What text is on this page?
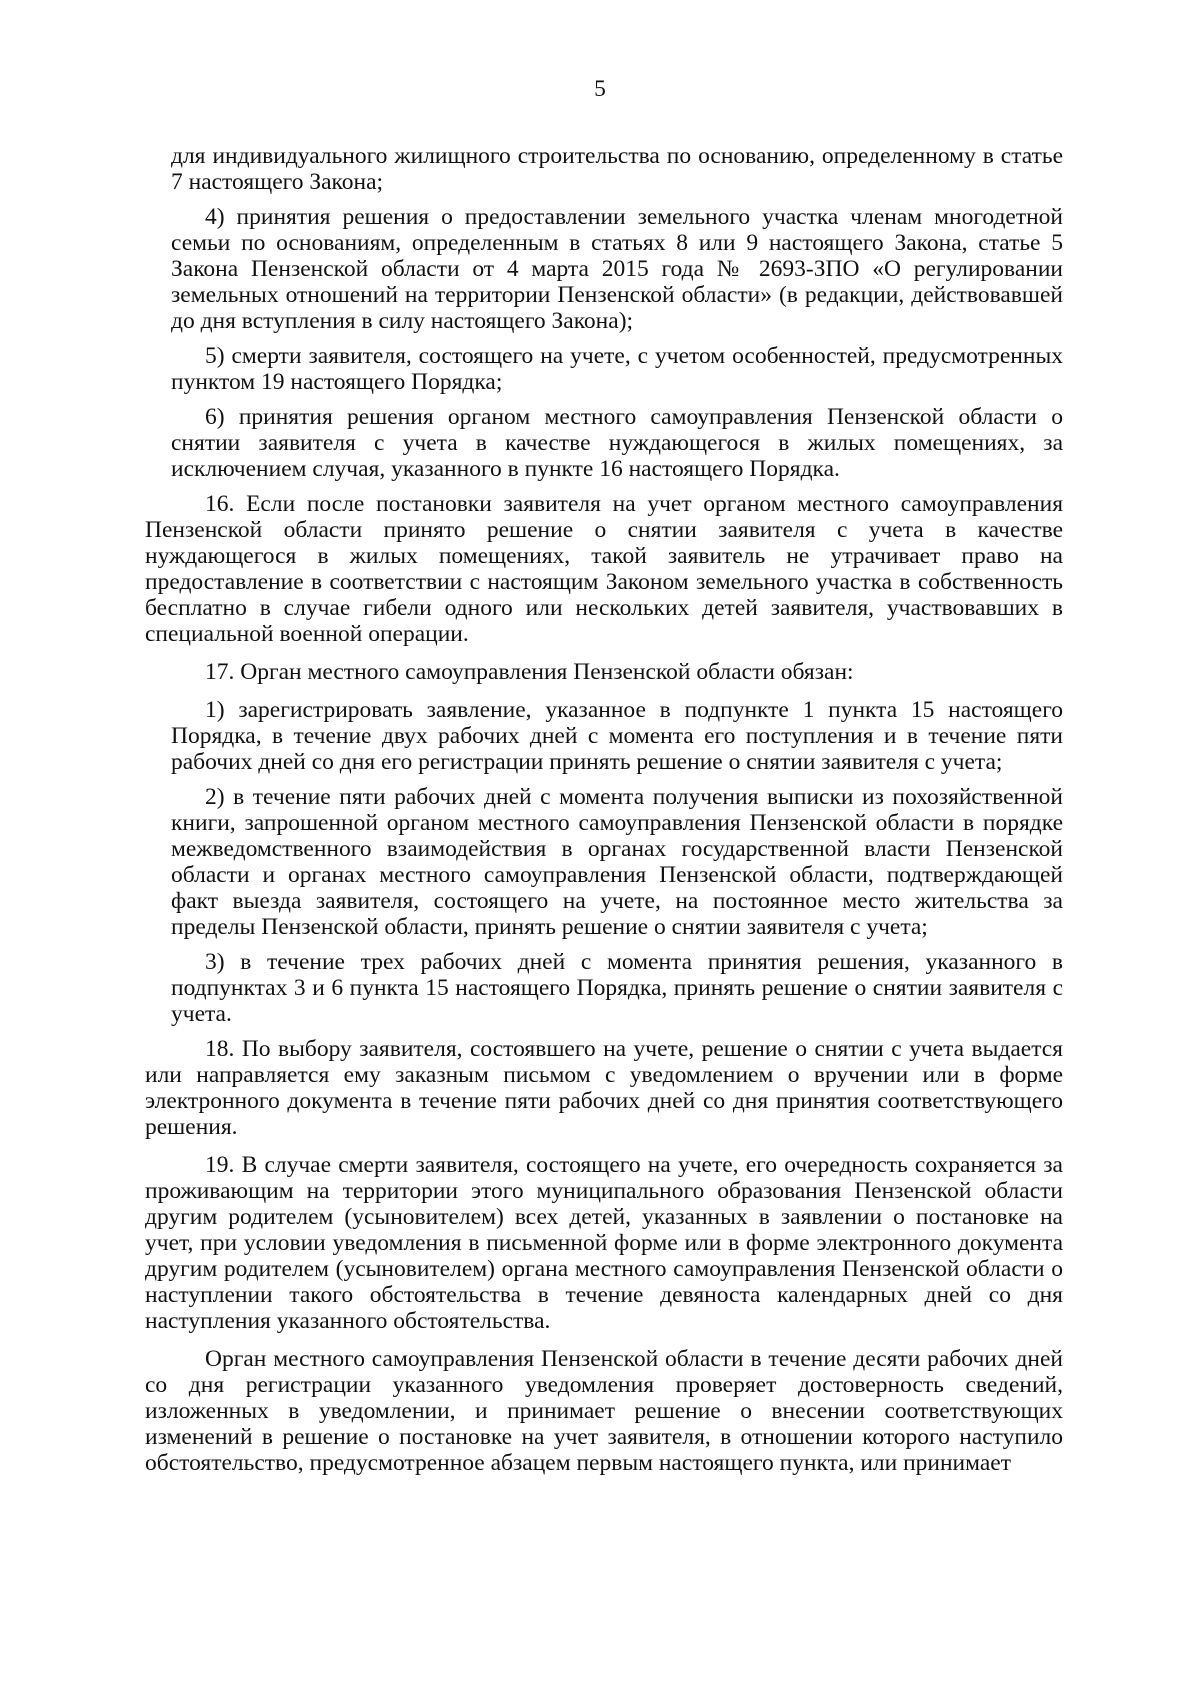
5

для индивидуального жилищного строительства по основанию, определенному в статье 7 настоящего Закона;

4) принятия решения о предоставлении земельного участка членам многодетной семьи по основаниям, определенным в статьях 8 или 9 настоящего Закона, статье 5 Закона Пензенской области от 4 марта 2015 года № 2693-ЗПО «О регулировании земельных отношений на территории Пензенской области» (в редакции, действовавшей до дня вступления в силу настоящего Закона);

5) смерти заявителя, состоящего на учете, с учетом особенностей, предусмотренных пунктом 19 настоящего Порядка;

6) принятия решения органом местного самоуправления Пензенской области о снятии заявителя с учета в качестве нуждающегося в жилых помещениях, за исключением случая, указанного в пункте 16 настоящего Порядка.

16. Если после постановки заявителя на учет органом местного самоуправления Пензенской области принято решение о снятии заявителя с учета в качестве нуждающегося в жилых помещениях, такой заявитель не утрачивает право на предоставление в соответствии с настоящим Законом земельного участка в собственность бесплатно в случае гибели одного или нескольких детей заявителя, участвовавших в специальной военной операции.

17. Орган местного самоуправления Пензенской области обязан:

1) зарегистрировать заявление, указанное в подпункте 1 пункта 15 настоящего Порядка, в течение двух рабочих дней с момента его поступления и в течение пяти рабочих дней со дня его регистрации принять решение о снятии заявителя с учета;

2) в течение пяти рабочих дней с момента получения выписки из похозяйственной книги, запрошенной органом местного самоуправления Пензенской области в порядке межведомственного взаимодействия в органах государственной власти Пензенской области и органах местного самоуправления Пензенской области, подтверждающей факт выезда заявителя, состоящего на учете, на постоянное место жительства за пределы Пензенской области, принять решение о снятии заявителя с учета;

3) в течение трех рабочих дней с момента принятия решения, указанного в подпунктах 3 и 6 пункта 15 настоящего Порядка, принять решение о снятии заявителя с учета.

18. По выбору заявителя, состоявшего на учете, решение о снятии с учета выдается или направляется ему заказным письмом с уведомлением о вручении или в форме электронного документа в течение пяти рабочих дней со дня принятия соответствующего решения.

19. В случае смерти заявителя, состоящего на учете, его очередность сохраняется за проживающим на территории этого муниципального образования Пензенской области другим родителем (усыновителем) всех детей, указанных в заявлении о постановке на учет, при условии уведомления в письменной форме или в форме электронного документа другим родителем (усыновителем) органа местного самоуправления Пензенской области о наступлении такого обстоятельства в течение девяноста календарных дней со дня наступления указанного обстоятельства.

Орган местного самоуправления Пензенской области в течение десяти рабочих дней со дня регистрации указанного уведомления проверяет достоверность сведений, изложенных в уведомлении, и принимает решение о внесении соответствующих изменений в решение о постановке на учет заявителя, в отношении которого наступило обстоятельство, предусмотренное абзацем первым настоящего пункта, или принимает
